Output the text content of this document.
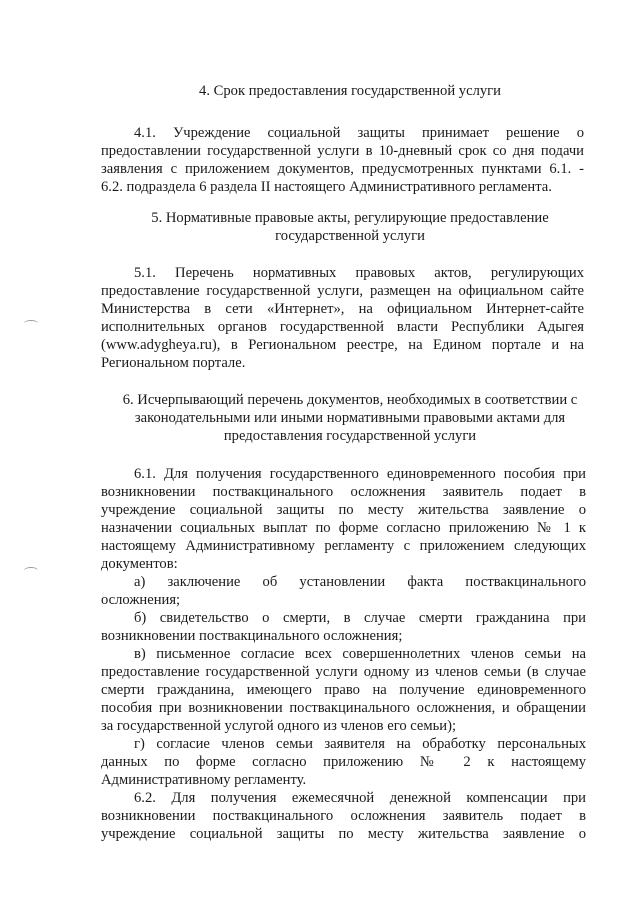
4. Срок предоставления государственной услуги
4.1. Учреждение социальной защиты принимает решение о
предоставлении государственной услуги в 10-дневный срок со дня подачи
заявления с приложением документов, предусмотренных пунктами 6.1. -
6.2. подраздела 6 раздела II настоящего Административного регламента.
5. Нормативные правовые акты, регулирующие предоставление
государственной услуги
5.1. Перечень нормативных правовых актов, регулирующих
предоставление государственной услуги, размещен на официальном сайте
Министерства в сети «Интернет», на официальном Интернет-сайте
исполнительных органов государственной власти Республики Адыгея
(www.adygheya.ru), в Региональном реестре, на Едином портале и на
Региональном портале.
6. Исчерпывающий перечень документов, необходимых в соответствии с
законодательными или иными нормативными правовыми актами для
предоставления государственной услуги
6.1. Для получения государственного единовременного пособия при
возникновении поствакцинального осложнения заявитель подает в
учреждение социальной защиты по месту жительства заявление о
назначении социальных выплат по форме согласно приложению № 1 к
настоящему Административному регламенту с приложением следующих
документов:
а) заключение об установлении факта поствакцинального
осложнения;
б) свидетельство о смерти, в случае смерти гражданина при
возникновении поствакцинального осложнения;
в) письменное согласие всех совершеннолетних членов семьи на
предоставление государственной услуги одному из членов семьи (в случае
смерти гражданина, имеющего право на получение единовременного
пособия при возникновении поствакцинального осложнения, и обращении
за государственной услугой одного из членов его семьи);
г) согласие членов семьи заявителя на обработку персональных
данных по форме согласно приложению № 2 к настоящему
Административному регламенту.
6.2. Для получения ежемесячной денежной компенсации при
возникновении поствакцинального осложнения заявитель подает в
учреждение социальной защиты по месту жительства заявление о
